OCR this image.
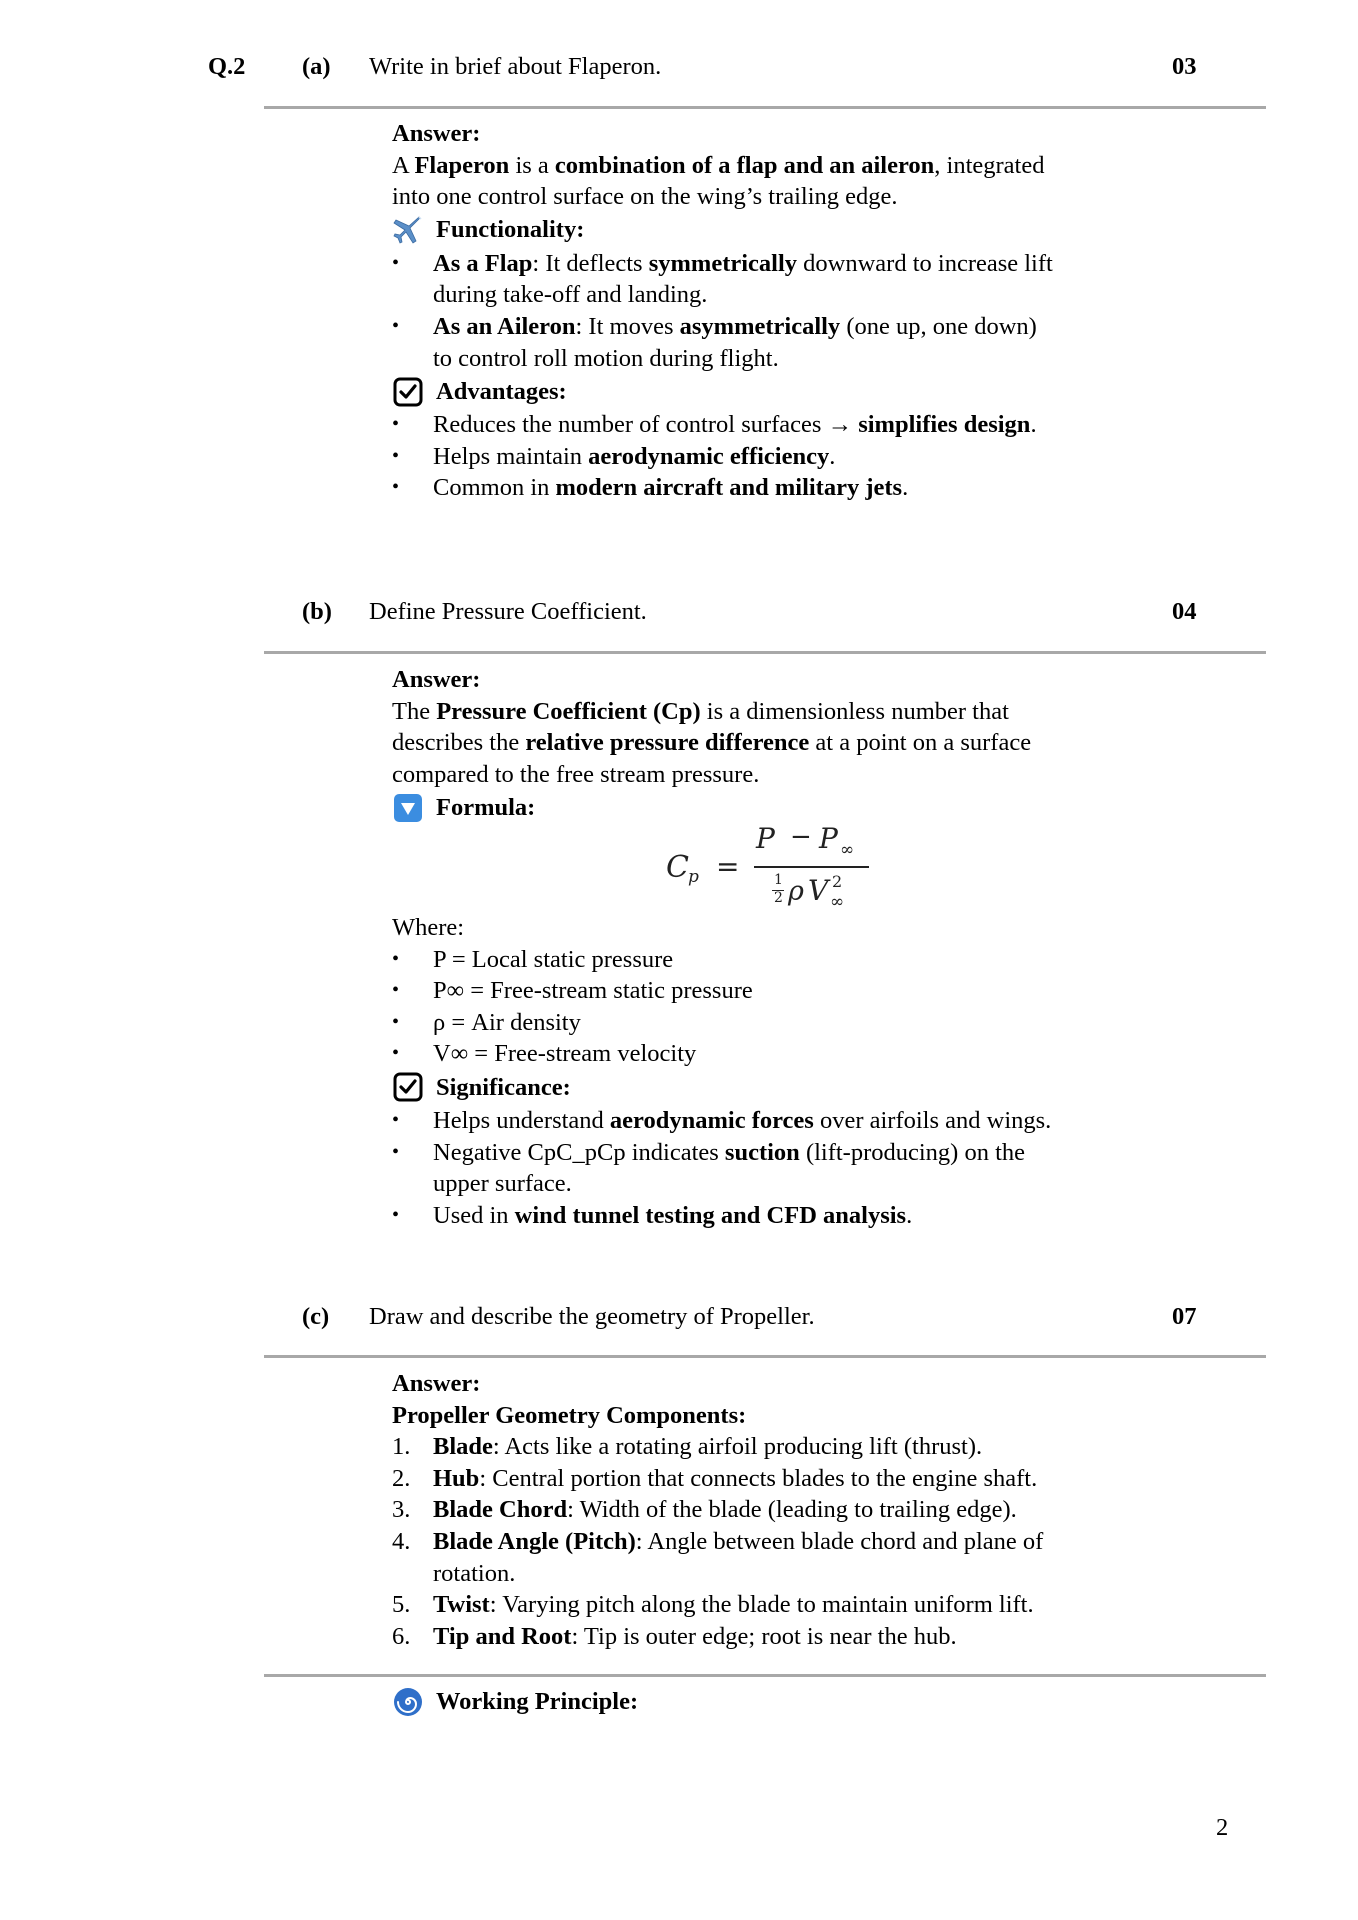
Q.2 (a) Write in brief about Flaperon.	03
Answer:
A Flaperon is a combination of a flap and an aileron, integrated
into one control surface on the wing’s trailing edge.
Functionality:
• As a Flap: It deflects symmetrically downward to increase lift
during take-off and landing.
• As an Aileron: It moves asymmetrically (one up, one down)
to control roll motion during flight.
Advantages:
• Reduces the number of control surfaces → simplifies design.
• Helps maintain aerodynamic efficiency.
• Common in modern aircraft and military jets.
(b) Define Pressure Coefficient.	04
Answer:
The Pressure Coefficient (Cp) is a dimensionless number that
describes the relative pressure difference at a point on a surface
compared to the free stream pressure.
Formula:
C p =
P − P ∞
1
2 ρ V 2
∞
Where:
• P = Local static pressure
• P∞ = Free-stream static pressure
• ρ = Air density
• V∞ = Free-stream velocity
Significance:
• Helps understand aerodynamic forces over airfoils and wings.
• Negative CpC_pCp indicates suction (lift-producing) on the
upper surface.
• Used in wind tunnel testing and CFD analysis.
(c) Draw and describe the geometry of Propeller.	07
Answer:
Propeller Geometry Components:
1. Blade: Acts like a rotating airfoil producing lift (thrust).
2. Hub: Central portion that connects blades to the engine shaft.
3. Blade Chord: Width of the blade (leading to trailing edge).
4. Blade Angle (Pitch): Angle between blade chord and plane of
rotation.
5. Twist: Varying pitch along the blade to maintain uniform lift.
6. Tip and Root: Tip is outer edge; root is near the hub.
Working Principle:
2
